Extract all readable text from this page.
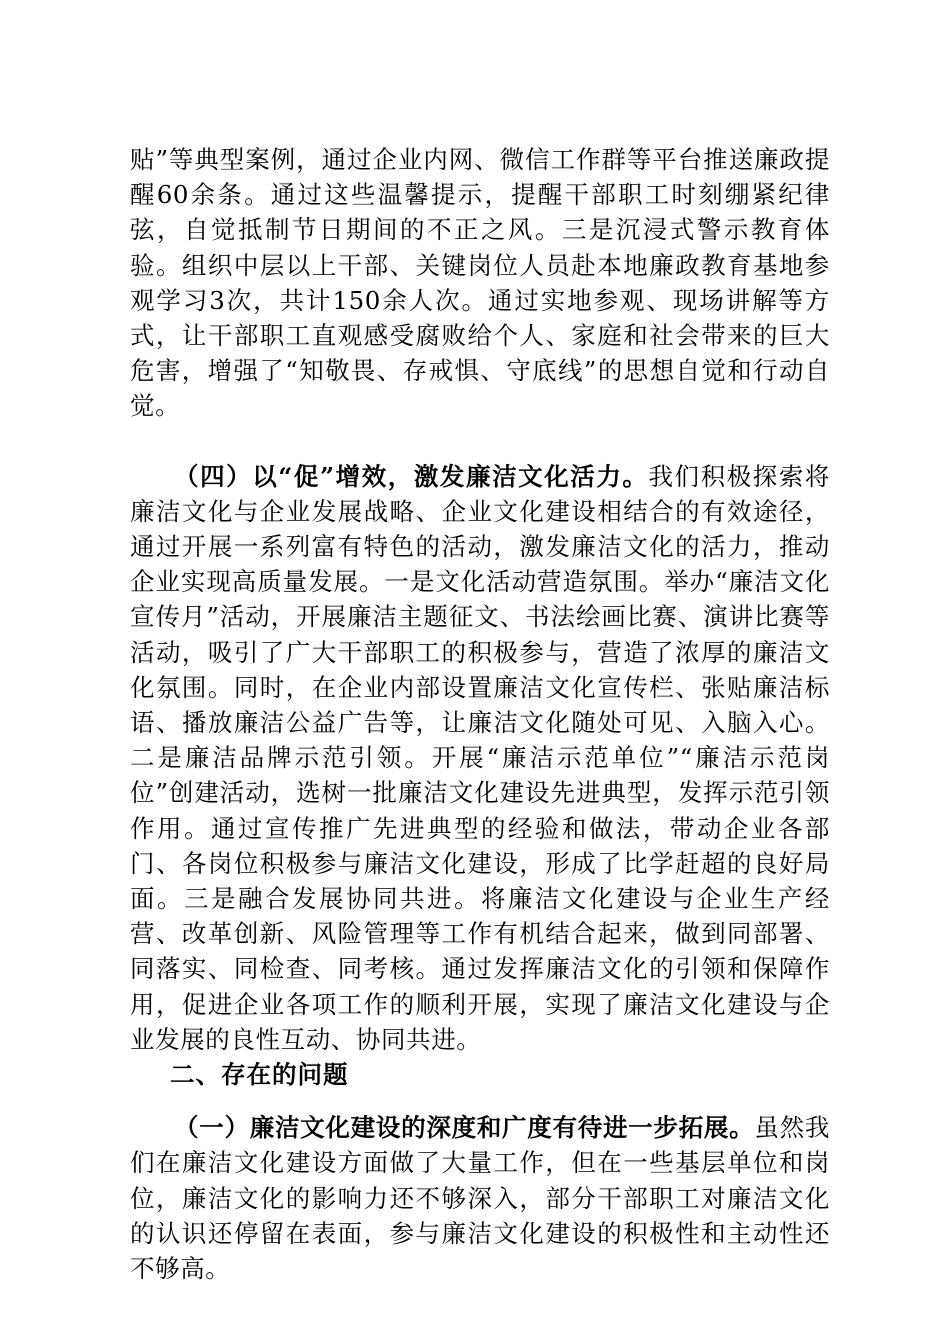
贴”等典型案例，通过企业内网、微信工作群等平台推送廉政提醒60余条。通过这些温馨提示，提醒干部职工时刻绷紧纪律弦，自觉抵制节日期间的不正之风。三是沉浸式警示教育体验。组织中层以上干部、关键岗位人员赴本地廉政教育基地参观学习3次，共计150余人次。通过实地参观、现场讲解等方式，让干部职工直观感受腐败给个人、家庭和社会带来的巨大危害，增强了“知敬畏、存戒惧、守底线”的思想自觉和行动自觉。

（四）以“促”增效，激发廉洁文化活力。我们积极探索将廉洁文化与企业发展战略、企业文化建设相结合的有效途径，通过开展一系列富有特色的活动，激发廉洁文化的活力，推动企业实现高质量发展。一是文化活动营造氛围。举办“廉洁文化宣传月”活动，开展廉洁主题征文、书法绘画比赛、演讲比赛等活动，吸引了广大干部职工的积极参与，营造了浓厚的廉洁文化氛围。同时，在企业内部设置廉洁文化宣传栏、张贴廉洁标语、播放廉洁公益广告等，让廉洁文化随处可见、入脑入心。二是廉洁品牌示范引领。开展“廉洁示范单位”“廉洁示范岗位”创建活动，选树一批廉洁文化建设先进典型，发挥示范引领作用。通过宣传推广先进典型的经验和做法，带动企业各部门、各岗位积极参与廉洁文化建设，形成了比学赶超的良好局面。三是融合发展协同共进。将廉洁文化建设与企业生产经营、改革创新、风险管理等工作有机结合起来，做到同部署、同落实、同检查、同考核。通过发挥廉洁文化的引领和保障作用，促进企业各项工作的顺利开展，实现了廉洁文化建设与企业发展的良性互动、协同共进。

二、存在的问题

（一）廉洁文化建设的深度和广度有待进一步拓展。虽然我们在廉洁文化建设方面做了大量工作，但在一些基层单位和岗位，廉洁文化的影响力还不够深入，部分干部职工对廉洁文化的认识还停留在表面，参与廉洁文化建设的积极性和主动性还不够高。
